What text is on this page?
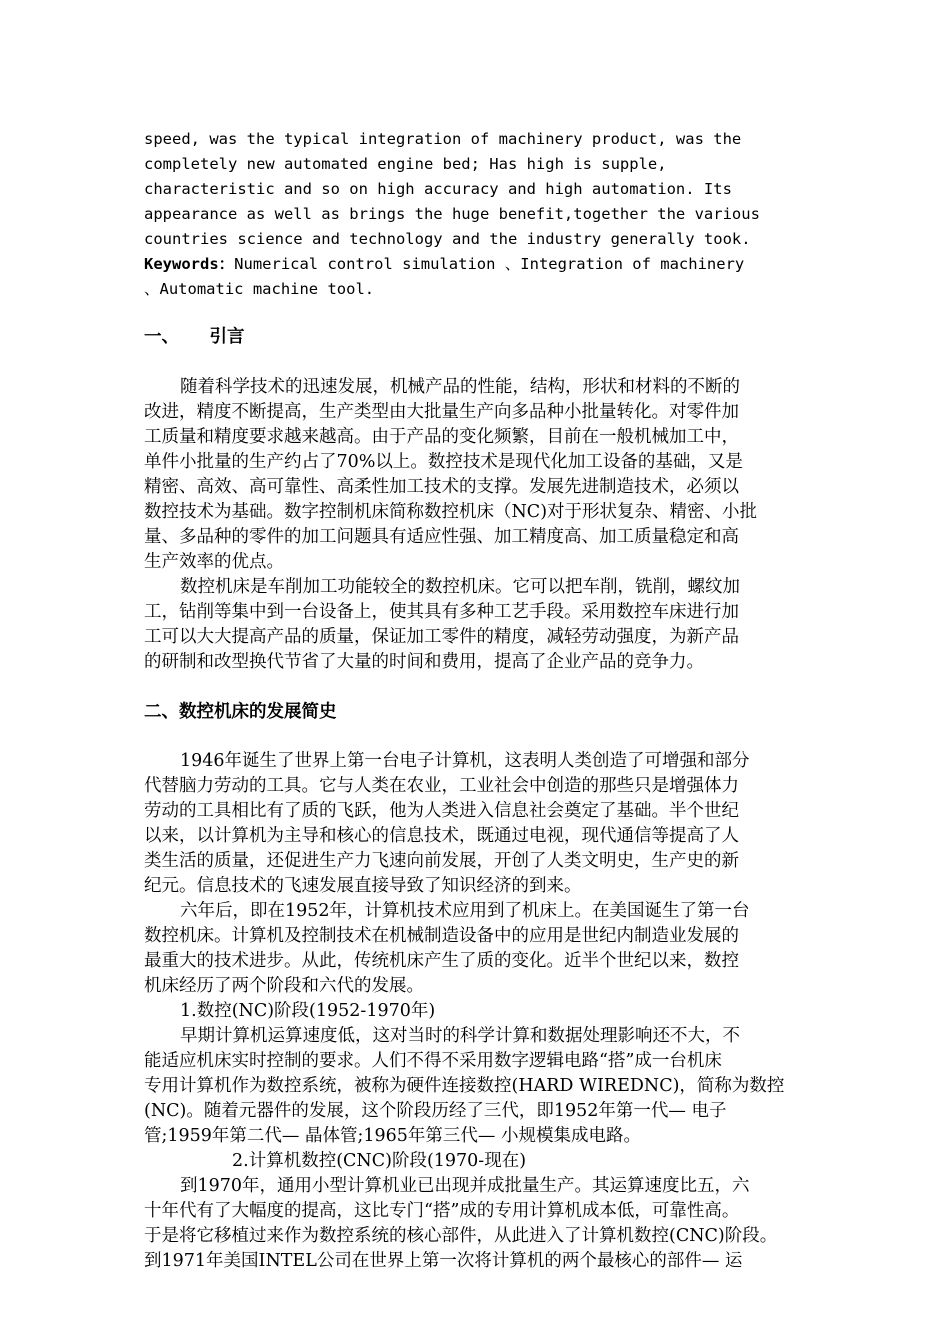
speed, was the typical integration of machinery product, was the
completely new automated engine bed; Has high is supple,
characteristic and so on high accuracy and high automation. Its
appearance as well as brings the huge benefit,together the various
countries science and technology and the industry generally took.
Keywords：Numerical control simulation 、Integration of machinery
、Automatic machine tool.
一、     引言
随着科学技术的迅速发展，机械产品的性能，结构，形状和材料的不断的
改进，精度不断提高，生产类型由大批量生产向多品种小批量转化。对零件加
工质量和精度要求越来越高。由于产品的变化频繁，目前在一般机械加工中，
单件小批量的生产约占了70%以上。数控技术是现代化加工设备的基础，又是
精密、高效、高可靠性、高柔性加工技术的支撑。发展先进制造技术，必须以
数控技术为基础。数字控制机床简称数控机床（NC)对于形状复杂、精密、小批
量、多品种的零件的加工问题具有适应性强、加工精度高、加工质量稳定和高
生产效率的优点。
数控机床是车削加工功能较全的数控机床。它可以把车削，铣削，螺纹加
工，钻削等集中到一台设备上，使其具有多种工艺手段。采用数控车床进行加
工可以大大提高产品的质量，保证加工零件的精度，减轻劳动强度，为新产品
的研制和改型换代节省了大量的时间和费用，提高了企业产品的竞争力。
二、数控机床的发展简史
1946年诞生了世界上第一台电子计算机，这表明人类创造了可增强和部分
代替脑力劳动的工具。它与人类在农业，工业社会中创造的那些只是增强体力
劳动的工具相比有了质的飞跃，他为人类进入信息社会奠定了基础。半个世纪
以来，以计算机为主导和核心的信息技术，既通过电视，现代通信等提高了人
类生活的质量，还促进生产力飞速向前发展，开创了人类文明史，生产史的新
纪元。信息技术的飞速发展直接导致了知识经济的到来。
六年后，即在1952年，计算机技术应用到了机床上。在美国诞生了第一台
数控机床。计算机及控制技术在机械制造设备中的应用是世纪内制造业发展的
最重大的技术进步。从此，传统机床产生了质的变化。近半个世纪以来，数控
机床经历了两个阶段和六代的发展。
1.数控(NC)阶段(1952-1970年)
早期计算机运算速度低，这对当时的科学计算和数据处理影响还不大，不
能适应机床实时控制的要求。人们不得不采用数字逻辑电路“搭”成一台机床
专用计算机作为数控系统，被称为硬件连接数控(HARD WIREDNC)，简称为数控
(NC)。随着元器件的发展，这个阶段历经了三代，即1952年第一代— 电子
管;1959年第二代— 晶体管;1965年第三代— 小规模集成电路。
2.计算机数控(CNC)阶段(1970-现在)
到1970年，通用小型计算机业已出现并成批量生产。其运算速度比五，六
十年代有了大幅度的提高，这比专门“搭”成的专用计算机成本低，可靠性高。
于是将它移植过来作为数控系统的核心部件，从此进入了计算机数控(CNC)阶段。
到1971年美国INTEL公司在世界上第一次将计算机的两个最核心的部件— 运
